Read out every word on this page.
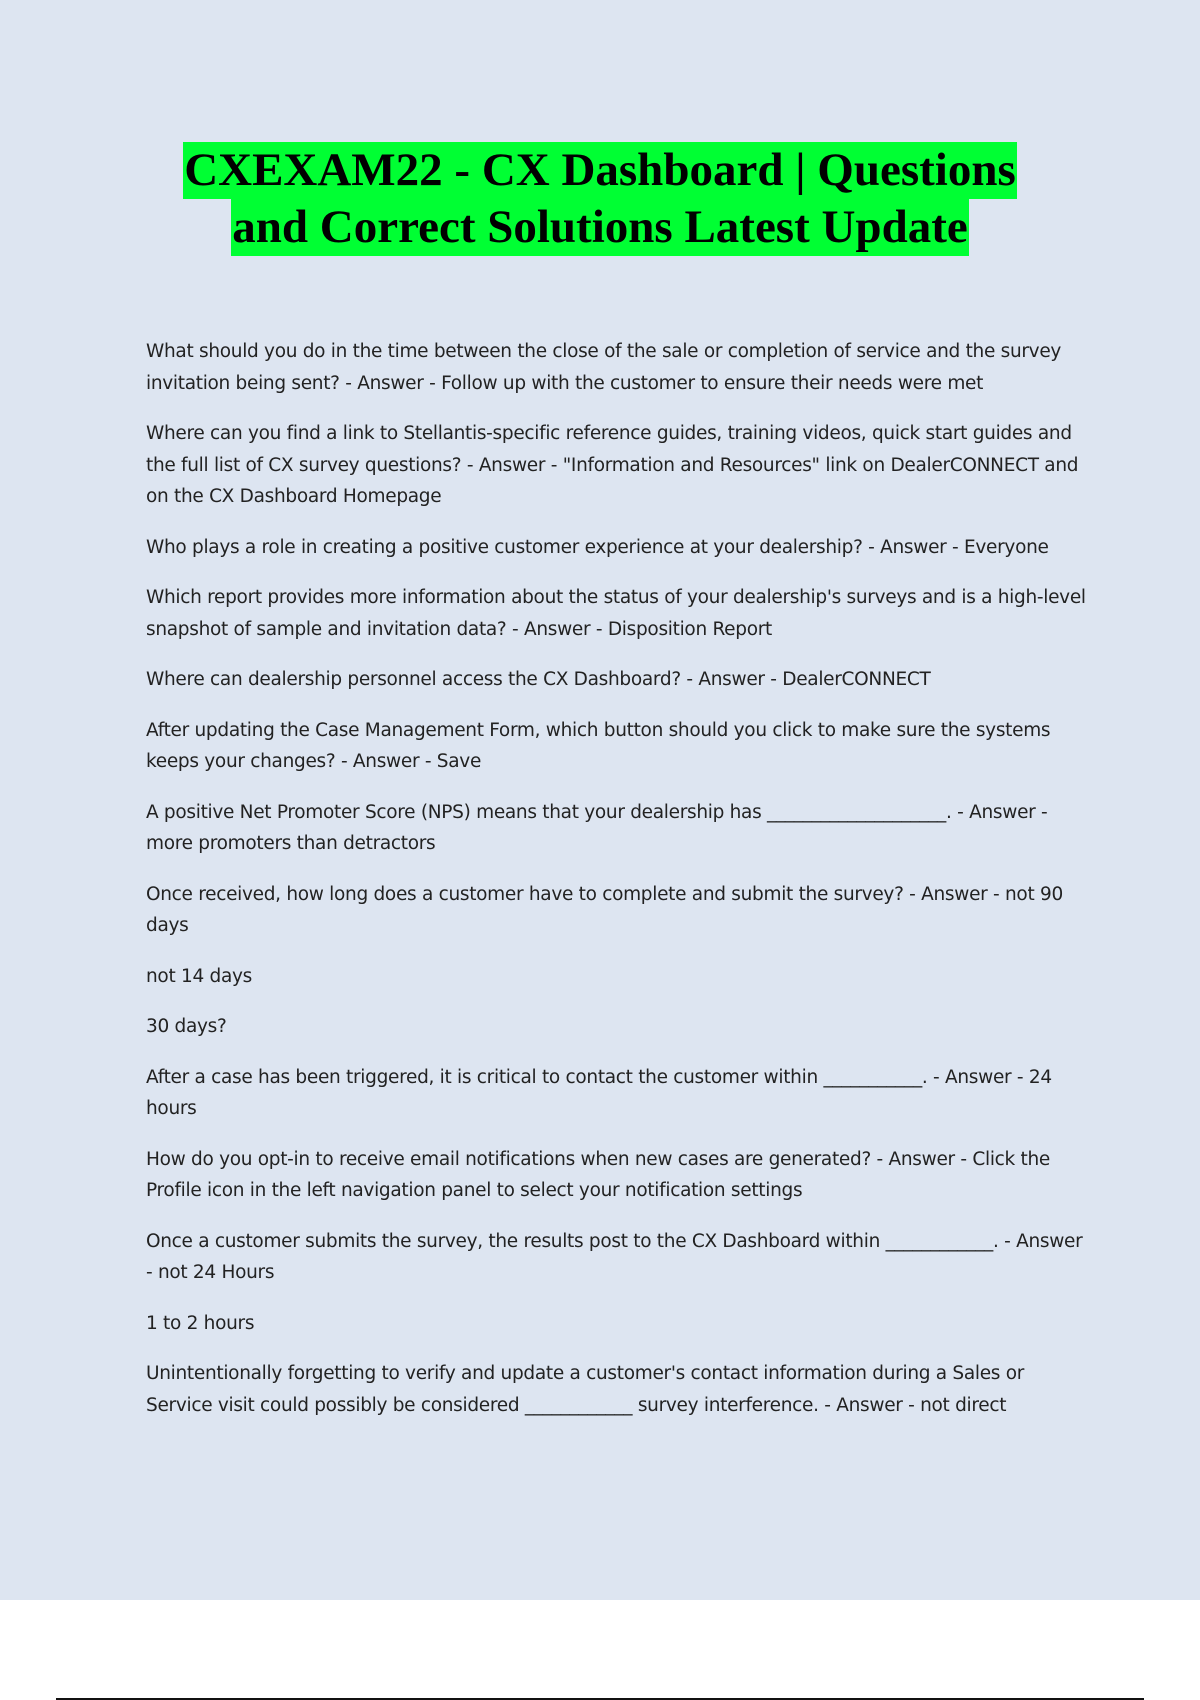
CXEXAM22 - CX Dashboard | Questions
and Correct Solutions Latest Update

What should you do in the time between the close of the sale or completion of service and the survey invitation being sent? - Answer - Follow up with the customer to ensure their needs were met

Where can you find a link to Stellantis-specific reference guides, training videos, quick start guides and the full list of CX survey questions? - Answer - "Information and Resources" link on DealerCONNECT and on the CX Dashboard Homepage

Who plays a role in creating a positive customer experience at your dealership? - Answer - Everyone

Which report provides more information about the status of your dealership's surveys and is a high-level snapshot of sample and invitation data? - Answer - Disposition Report

Where can dealership personnel access the CX Dashboard? - Answer - DealerCONNECT

After updating the Case Management Form, which button should you click to make sure the systems keeps your changes? - Answer - Save

A positive Net Promoter Score (NPS) means that your dealership has ____________________. - Answer - more promoters than detractors

Once received, how long does a customer have to complete and submit the survey? - Answer - not 90 days

not 14 days

30 days?

After a case has been triggered, it is critical to contact the customer within ___________. - Answer - 24 hours

How do you opt-in to receive email notifications when new cases are generated? - Answer - Click the Profile icon in the left navigation panel to select your notification settings

Once a customer submits the survey, the results post to the CX Dashboard within ____________. - Answer - not 24 Hours

1 to 2 hours

Unintentionally forgetting to verify and update a customer's contact information during a Sales or Service visit could possibly be considered ____________ survey interference. - Answer - not direct
